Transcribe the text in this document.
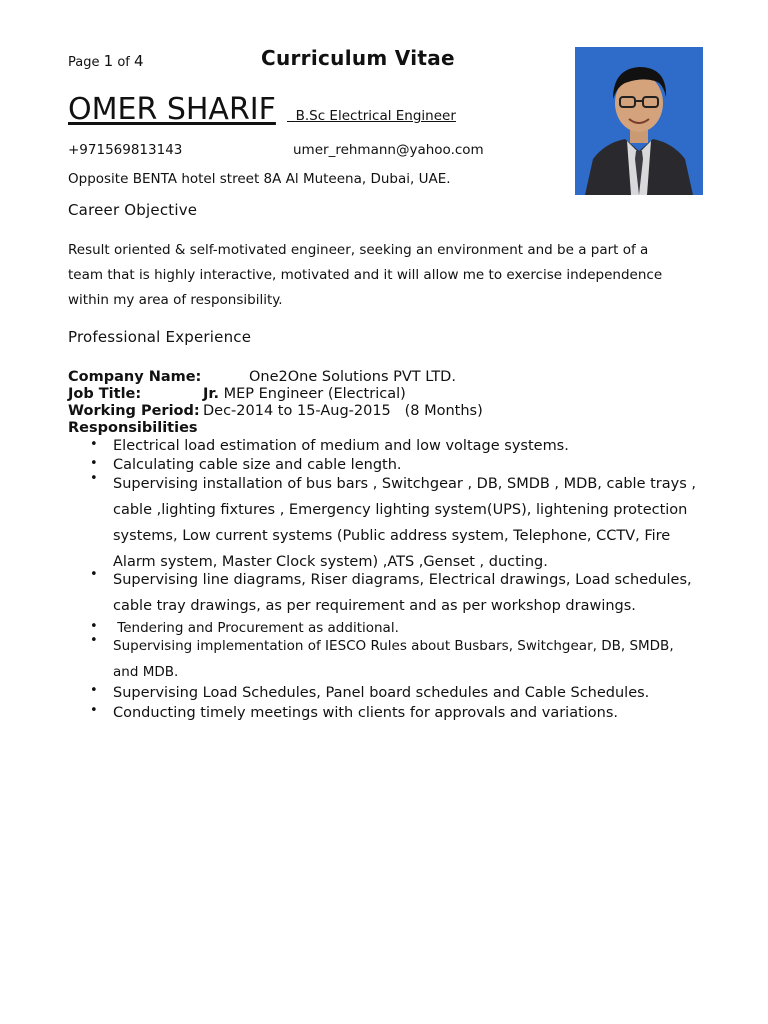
Page 1 of 4	Curriculum Vitae
OMER SHARIF	B.Sc Electrical Engineer
+971569813143	umer_rehmann@yahoo.com
Opposite BENTA hotel street 8A Al Muteena, Dubai, UAE.
Career Objective
Result oriented & self-motivated engineer, seeking an environment and be a part of a
team that is highly interactive, motivated and it will allow me to exercise independence
within my area of responsibility.
Professional Experience
Company Name:	One2One Solutions PVT LTD.
Job Title:	Jr. MEP Engineer (Electrical)
Working Period: Dec-2014 to 15-Aug-2015   (8 Months)
Responsibilities
• Electrical load estimation of medium and low voltage systems.
• Calculating cable size and cable length.
• Supervising installation of bus bars , Switchgear , DB, SMDB , MDB, cable trays ,
cable ,lighting fixtures , Emergency lighting system(UPS), lightening protection
systems, Low current systems (Public address system, Telephone, CCTV, Fire
Alarm system, Master Clock system) ,ATS ,Genset , ducting.
• Supervising line diagrams, Riser diagrams, Electrical drawings, Load schedules,
cable tray drawings, as per requirement and as per workshop drawings.
• Tendering and Procurement as additional.
• Supervising implementation of IESCO Rules about Busbars, Switchgear, DB, SMDB,
and MDB.
• Supervising Load Schedules, Panel board schedules and Cable Schedules.
• Conducting timely meetings with clients for approvals and variations.
